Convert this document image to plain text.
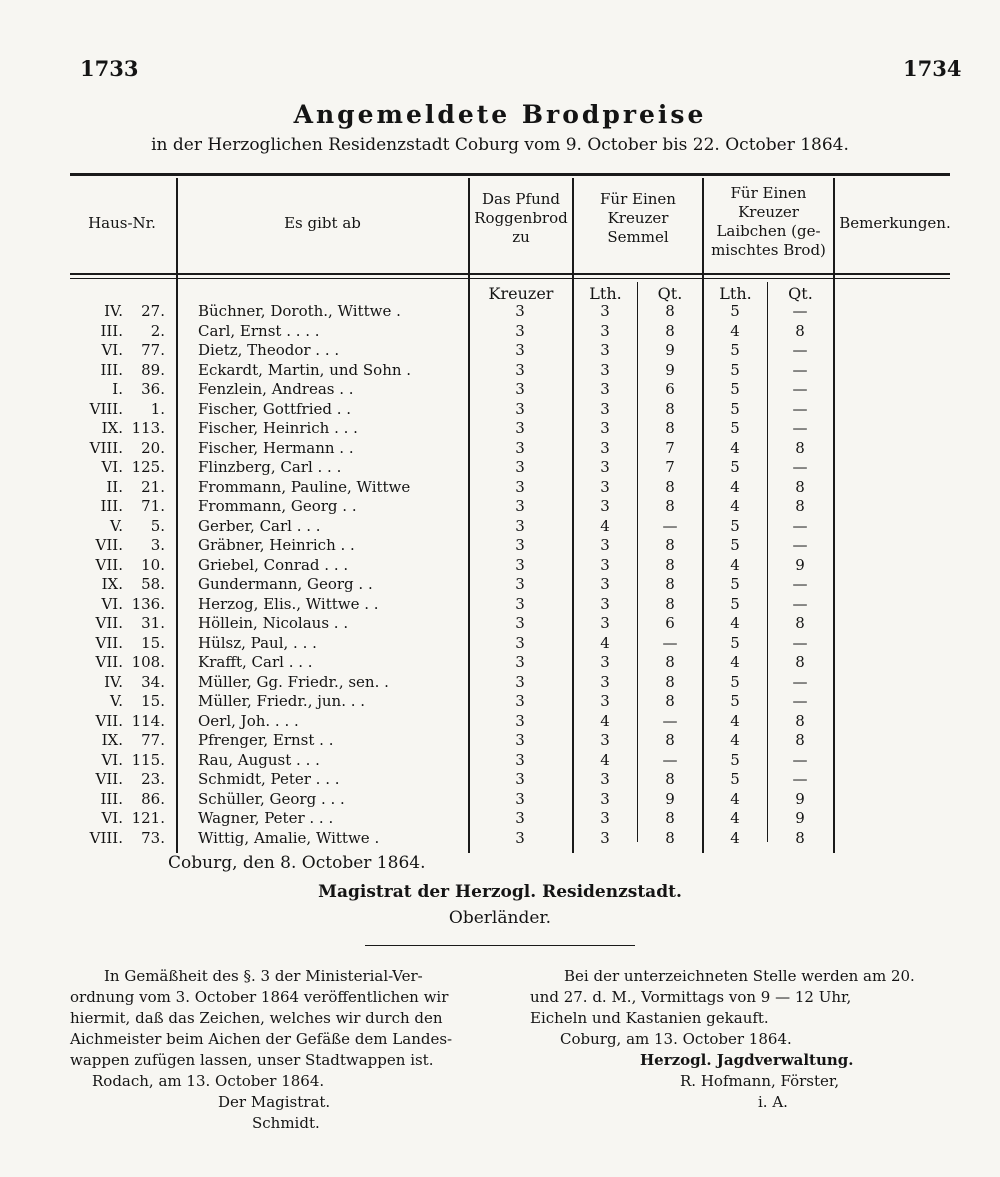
1733	1734
Angemeldete Brodpreise
in der Herzoglichen Residenzstadt Coburg vom 9. October bis 22. October 1864.
Haus-Nr.	Es gibt ab
Das Pfund
Roggenbrod
zu
Für Einen
Kreuzer
Semmel
Für Einen
Kreuzer
Laibchen (ge-
mischtes Brod)
Bemerkungen.
Kreuzer	Lth.	Qt.	Lth.	Qt.
IV.	27. Büchner, Doroth., Wittwe .	3	3	8	5	—
III.	2. Carl, Ernst . . . .	3	3	8	4	8
VI.	77. Dietz, Theodor . . .	3	3	9	5	—
III.	89. Eckardt, Martin, und Sohn .	3	3	9	5	—
I.	36. Fenzlein, Andreas . .	3	3	6	5	—
VIII.	1. Fischer, Gottfried . .	3	3	8	5	—
IX. 113. Fischer, Heinrich . . .	3	3	8	5	—
VIII.	20. Fischer, Hermann . .	3	3	7	4	8
VI. 125. Flinzberg, Carl . . .	3	3	7	5	—
II.	21. Frommann, Pauline, Wittwe	3	3	8	4	8
III.	71. Frommann, Georg . .	3	3	8	4	8
V.	5. Gerber, Carl . . .	3	4	—	5	—
VII.	3. Gräbner, Heinrich . .	3	3	8	5	—
VII.	10. Griebel, Conrad . . .	3	3	8	4	9
IX.	58. Gundermann, Georg . .	3	3	8	5	—
VI. 136. Herzog, Elis., Wittwe . .	3	3	8	5	—
VII.	31. Höllein, Nicolaus . .	3	3	6	4	8
VII.	15. Hülsz, Paul, . . .	3	4	—	5	—
VII. 108. Krafft, Carl . . .	3	3	8	4	8
IV.	34. Müller, Gg. Friedr., sen. .	3	3	8	5	—
V.	15. Müller, Friedr., jun. . .	3	3	8	5	—
VII. 114. Oerl, Joh. . . .	3	4	—	4	8
IX.	77. Pfrenger, Ernst . .	3	3	8	4	8
VI. 115. Rau, August . . .	3	4	—	5	—
VII.	23. Schmidt, Peter . . .	3	3	8	5	—
III.	86. Schüller, Georg . . .	3	3	9	4	9
VI. 121. Wagner, Peter . . .	3	3	8	4	9
VIII.	73. Wittig, Amalie, Wittwe .	3	3	8	4	8
Coburg, den 8. October 1864.
Magistrat der Herzogl. Residenzstadt.
Oberländer.

In Gemäßheit des §. 3 der Ministerial-Ver-

ordnung vom 3. October 1864 veröffentlichen wir

hiermit, daß das Zeichen, welches wir durch den

Aichmeister beim Aichen der Gefäße dem Landes-

wappen zufügen lassen, unser Stadtwappen ist.

Rodach, am 13. October 1864.

Der Magistrat.

Schmidt.

Bei der unterzeichneten Stelle werden am 20.

und 27. d. M., Vormittags von 9 — 12 Uhr,

Eicheln und Kastanien gekauft.

Coburg, am 13. October 1864.

Herzogl. Jagdverwaltung.

R. Hofmann, Förster,

i. A.
